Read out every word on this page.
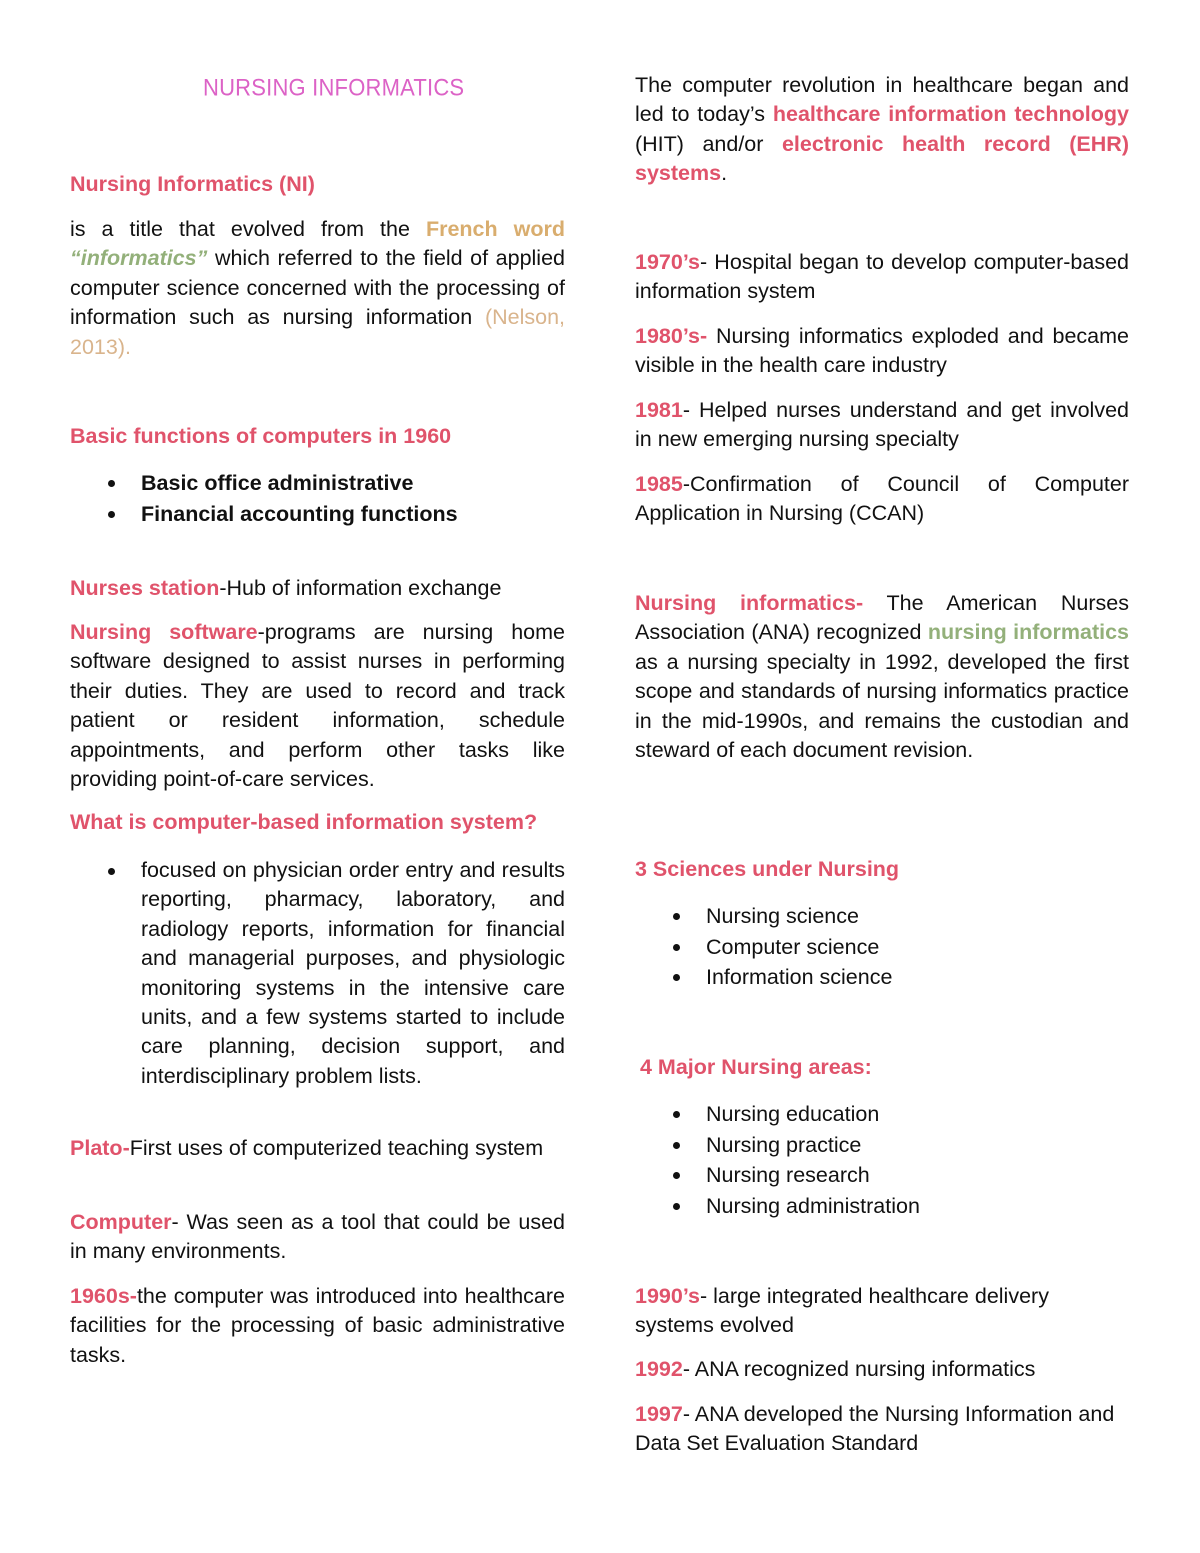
NURSING INFORMATICS
Nursing Informatics (NI)
is a title that evolved from the French word “informatics” which referred to the field of applied computer science concerned with the processing of information such as nursing information (Nelson, 2013).
Basic functions of computers in 1960
Basic office administrative
Financial accounting functions
Nurses station-Hub of information exchange
Nursing software-programs are nursing home software designed to assist nurses in performing their duties. They are used to record and track patient or resident information, schedule appointments, and perform other tasks like providing point-of-care services.
What is computer-based information system?
focused on physician order entry and results reporting, pharmacy, laboratory, and radiology reports, information for financial and managerial purposes, and physiologic monitoring systems in the intensive care units, and a few systems started to include care planning, decision support, and interdisciplinary problem lists.
Plato-First uses of computerized teaching system
Computer- Was seen as a tool that could be used in many environments.
1960s-the computer was introduced into healthcare facilities for the processing of basic administrative tasks.
The computer revolution in healthcare began and led to today’s healthcare information technology (HIT) and/or electronic health record (EHR) systems.
1970’s- Hospital began to develop computer-based information system
1980’s- Nursing informatics exploded and became visible in the health care industry
1981- Helped nurses understand and get involved in new emerging nursing specialty
1985-Confirmation of Council of Computer Application in Nursing (CCAN)
Nursing informatics- The American Nurses Association (ANA) recognized nursing informatics as a nursing specialty in 1992, developed the first scope and standards of nursing informatics practice in the mid-1990s, and remains the custodian and steward of each document revision.
3 Sciences under Nursing
Nursing science
Computer science
Information science
4 Major Nursing areas:
Nursing education
Nursing practice
Nursing research
Nursing administration
1990’s- large integrated healthcare delivery systems evolved
1992- ANA recognized nursing informatics
1997- ANA developed the Nursing Information and Data Set Evaluation Standard
